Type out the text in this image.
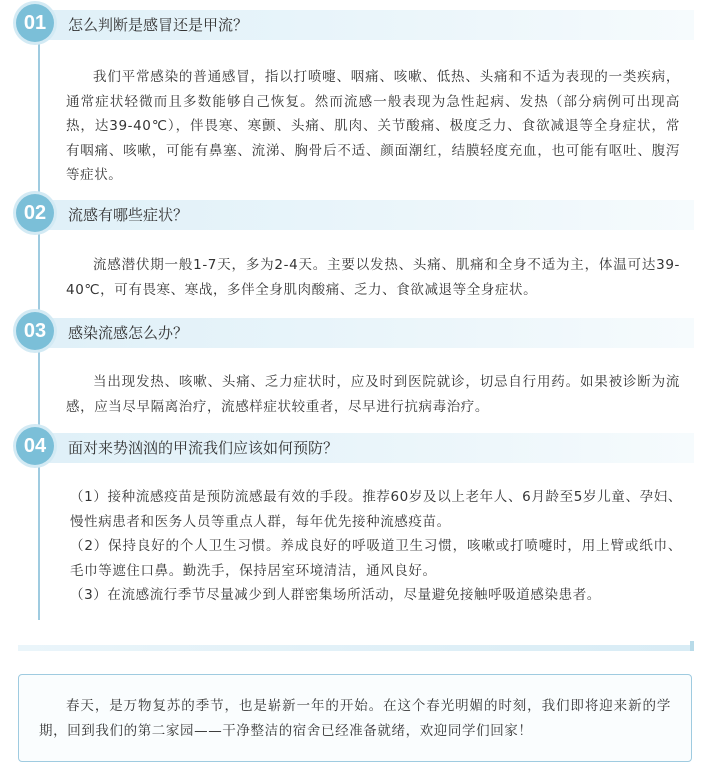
01	怎么判断是感冒还是甲流？

我们平常感染的普通感冒，指以打喷嚏、咽痛、咳嗽、低热、头痛和不适为表现的一类疾病，通常症状轻微而且多数能够自己恢复。然而流感一般表现为急性起病、发热（部分病例可出现高热，达39-40℃），伴畏寒、寒颤、头痛、肌肉、关节酸痛、极度乏力、食欲减退等全身症状，常有咽痛、咳嗽，可能有鼻塞、流涕、胸骨后不适、颜面潮红，结膜轻度充血，也可能有呕吐、腹泻等症状。

02	流感有哪些症状？

流感潜伏期一般1-7天，多为2-4天。主要以发热、头痛、肌痛和全身不适为主，体温可达39-40℃，可有畏寒、寒战，多伴全身肌肉酸痛、乏力、食欲减退等全身症状。

03	感染流感怎么办？

当出现发热、咳嗽、头痛、乏力症状时，应及时到医院就诊，切忌自行用药。如果被诊断为流感，应当尽早隔离治疗，流感样症状较重者，尽早进行抗病毒治疗。

04	面对来势汹汹的甲流我们应该如何预防？

（1）接种流感疫苗是预防流感最有效的手段。推荐60岁及以上老年人、6月龄至5岁儿童、孕妇、慢性病患者和医务人员等重点人群，每年优先接种流感疫苗。

（2）保持良好的个人卫生习惯。养成良好的呼吸道卫生习惯，咳嗽或打喷嚏时，用上臂或纸巾、毛巾等遮住口鼻。勤洗手，保持居室环境清洁，通风良好。

（3）在流感流行季节尽量减少到人群密集场所活动，尽量避免接触呼吸道感染患者。

春天，是万物复苏的季节，也是崭新一年的开始。在这个春光明媚的时刻，我们即将迎来新的学期，回到我们的第二家园——干净整洁的宿舍已经准备就绪，欢迎同学们回家！
